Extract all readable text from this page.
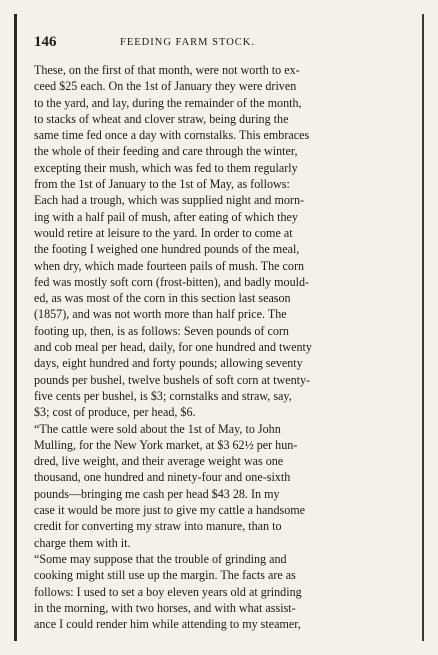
146	FEEDING FARM STOCK.
These, on the first of that month, were not worth to ex-
ceed $25 each. On the 1st of January they were driven
to the yard, and lay, during the remainder of the month,
to stacks of wheat and clover straw, being during the
same time fed once a day with cornstalks. This embraces
the whole of their feeding and care through the winter,
excepting their mush, which was fed to them regularly
from the 1st of January to the 1st of May, as follows:
Each had a trough, which was supplied night and morn-
ing with a half pail of mush, after eating of which they
would retire at leisure to the yard. In order to come at
the footing I weighed one hundred pounds of the meal,
when dry, which made fourteen pails of mush. The corn
fed was mostly soft corn (frost-bitten), and badly mould-
ed, as was most of the corn in this section last season
(1857), and was not worth more than half price. The
footing up, then, is as follows: Seven pounds of corn
and cob meal per head, daily, for one hundred and twenty
days, eight hundred and forty pounds; allowing seventy
pounds per bushel, twelve bushels of soft corn at twenty-
five cents per bushel, is $3; cornstalks and straw, say,
$3; cost of produce, per head, $6.
“The cattle were sold about the 1st of May, to John
Mulling, for the New York market, at $3 62½ per hun-
dred, live weight, and their average weight was one
thousand, one hundred and ninety-four and one-sixth
pounds—bringing me cash per head $43 28. In my
case it would be more just to give my cattle a handsome
credit for converting my straw into manure, than to
charge them with it.
“Some may suppose that the trouble of grinding and
cooking might still use up the margin. The facts are as
follows: I used to set a boy eleven years old at grinding
in the morning, with two horses, and with what assist-
ance I could render him while attending to my steamer,
